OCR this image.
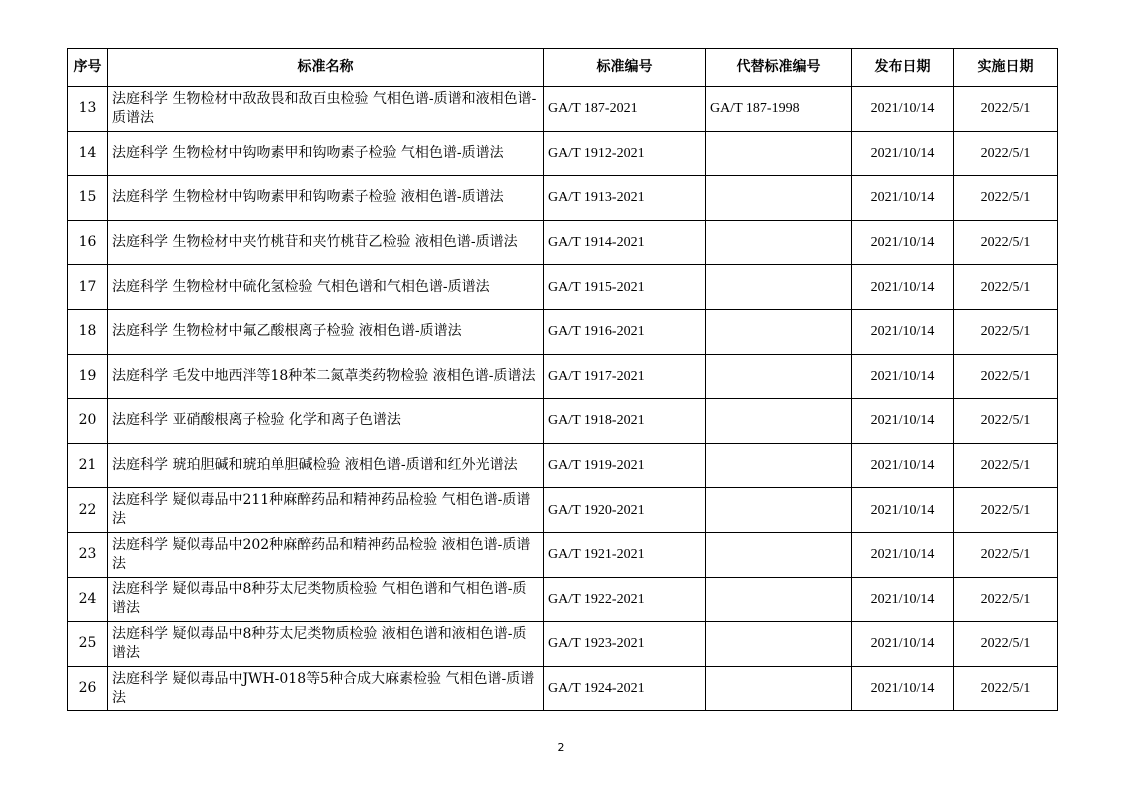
序号	标准名称	标准编号	代替标准编号	发布日期	实施日期
13	法庭科学 生物检材中敌敌畏和敌百虫检验 气相色谱-质谱和液相色谱-质谱法	GA/T 187-2021	GA/T 187-1998	2021/10/14	2022/5/1
14	法庭科学 生物检材中钩吻素甲和钩吻素子检验 气相色谱-质谱法	GA/T 1912-2021		2021/10/14	2022/5/1
15	法庭科学 生物检材中钩吻素甲和钩吻素子检验 液相色谱-质谱法	GA/T 1913-2021		2021/10/14	2022/5/1
16	法庭科学 生物检材中夹竹桃苷和夹竹桃苷乙检验 液相色谱-质谱法	GA/T 1914-2021		2021/10/14	2022/5/1
17	法庭科学 生物检材中硫化氢检验 气相色谱和气相色谱-质谱法	GA/T 1915-2021		2021/10/14	2022/5/1
18	法庭科学 生物检材中氟乙酸根离子检验 液相色谱-质谱法	GA/T 1916-2021		2021/10/14	2022/5/1
19	法庭科学 毛发中地西泮等18种苯二氮䓬类药物检验 液相色谱-质谱法	GA/T 1917-2021		2021/10/14	2022/5/1
20	法庭科学 亚硝酸根离子检验 化学和离子色谱法	GA/T 1918-2021		2021/10/14	2022/5/1
21	法庭科学 琥珀胆碱和琥珀单胆碱检验 液相色谱-质谱和红外光谱法	GA/T 1919-2021		2021/10/14	2022/5/1
22	法庭科学 疑似毒品中211种麻醉药品和精神药品检验 气相色谱-质谱法	GA/T 1920-2021		2021/10/14	2022/5/1
23	法庭科学 疑似毒品中202种麻醉药品和精神药品检验 液相色谱-质谱法	GA/T 1921-2021		2021/10/14	2022/5/1
24	法庭科学 疑似毒品中8种芬太尼类物质检验 气相色谱和气相色谱-质谱法	GA/T 1922-2021		2021/10/14	2022/5/1
25	法庭科学 疑似毒品中8种芬太尼类物质检验 液相色谱和液相色谱-质谱法	GA/T 1923-2021		2021/10/14	2022/5/1
26	法庭科学 疑似毒品中JWH-018等5种合成大麻素检验 气相色谱-质谱法	GA/T 1924-2021		2021/10/14	2022/5/1
2
